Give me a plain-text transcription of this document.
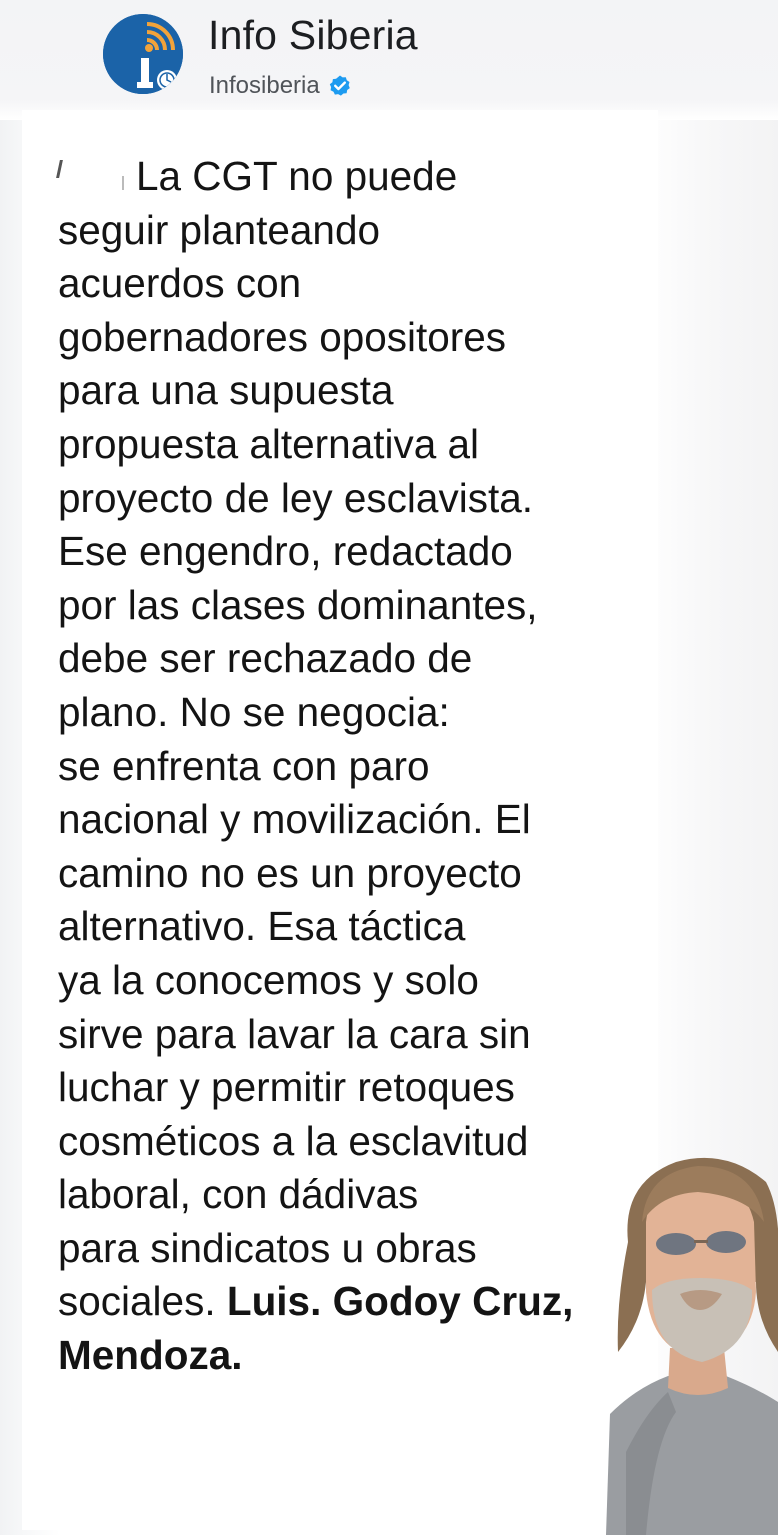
Info Siberia
Infosiberia
La CGT no puede
seguir planteando
acuerdos con
gobernadores opositores
para una supuesta
propuesta alternativa al
proyecto de ley esclavista.
Ese engendro, redactado
por las clases dominantes,
debe ser rechazado de
plano. No se negocia:
se enfrenta con paro
nacional y movilización. El
camino no es un proyecto
alternativo. Esa táctica
ya la conocemos y solo
sirve para lavar la cara sin
luchar y permitir retoques
cosméticos a la esclavitud
laboral, con dádivas
para sindicatos u obras
sociales. Luis. Godoy Cruz,
Mendoza.
